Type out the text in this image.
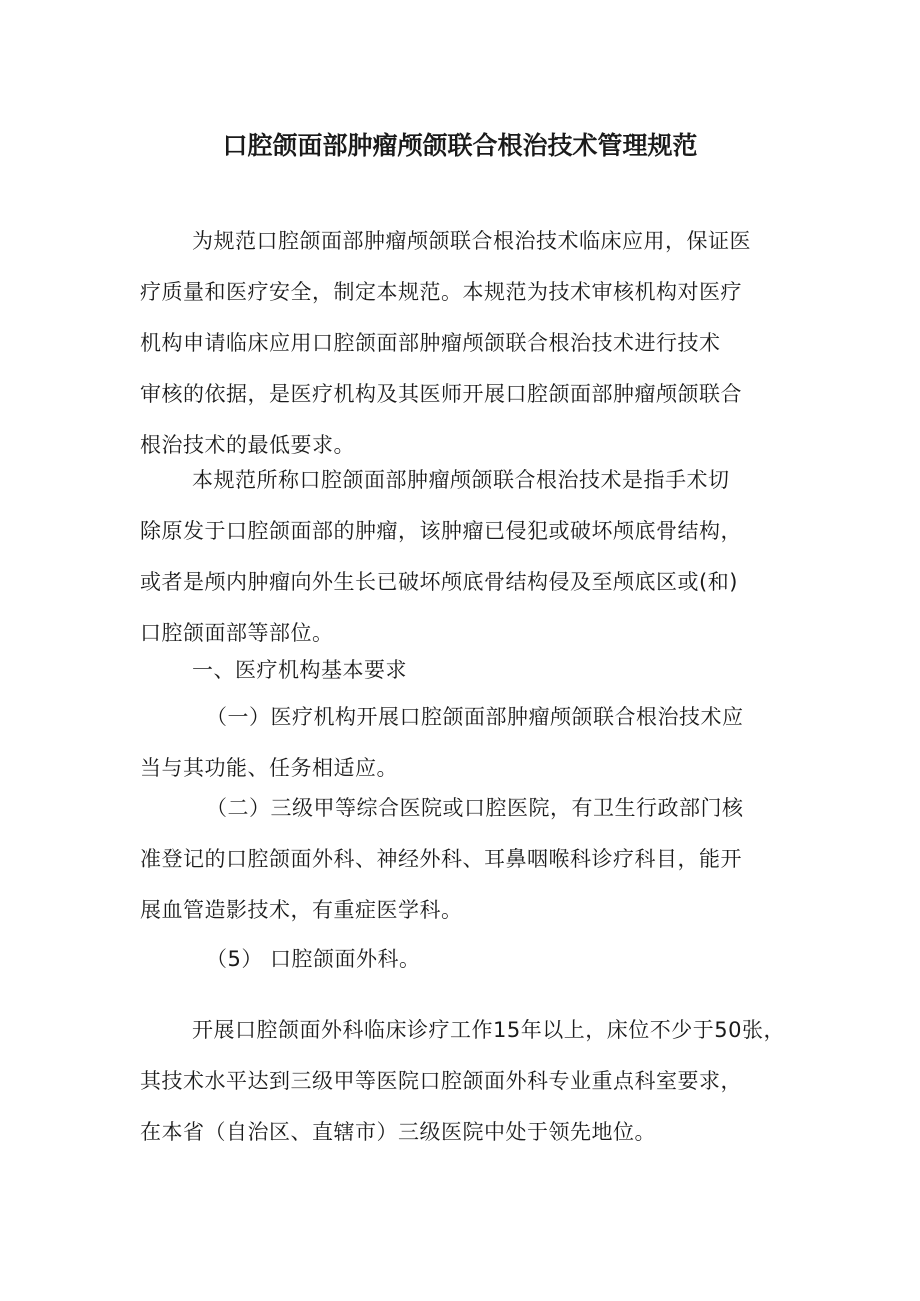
口腔颌面部肿瘤颅颌联合根治技术管理规范
为规范口腔颌面部肿瘤颅颌联合根治技术临床应用，保证医
疗质量和医疗安全，制定本规范。本规范为技术审核机构对医疗
机构申请临床应用口腔颌面部肿瘤颅颌联合根治技术进行技术
审核的依据，是医疗机构及其医师开展口腔颌面部肿瘤颅颌联合
根治技术的最低要求。
本规范所称口腔颌面部肿瘤颅颌联合根治技术是指手术切
除原发于口腔颌面部的肿瘤，该肿瘤已侵犯或破坏颅底骨结构，
或者是颅内肿瘤向外生长已破坏颅底骨结构侵及至颅底区或(和)
口腔颌面部等部位。
一、医疗机构基本要求
（一）医疗机构开展口腔颌面部肿瘤颅颌联合根治技术应
当与其功能、任务相适应。
（二）三级甲等综合医院或口腔医院，有卫生行政部门核
准登记的口腔颌面外科、神经外科、耳鼻咽喉科诊疗科目，能开
展血管造影技术，有重症医学科。
（5） 口腔颌面外科。
开展口腔颌面外科临床诊疗工作15年以上，床位不少于50张，
其技术水平达到三级甲等医院口腔颌面外科专业重点科室要求，
在本省（自治区、直辖市）三级医院中处于领先地位。
